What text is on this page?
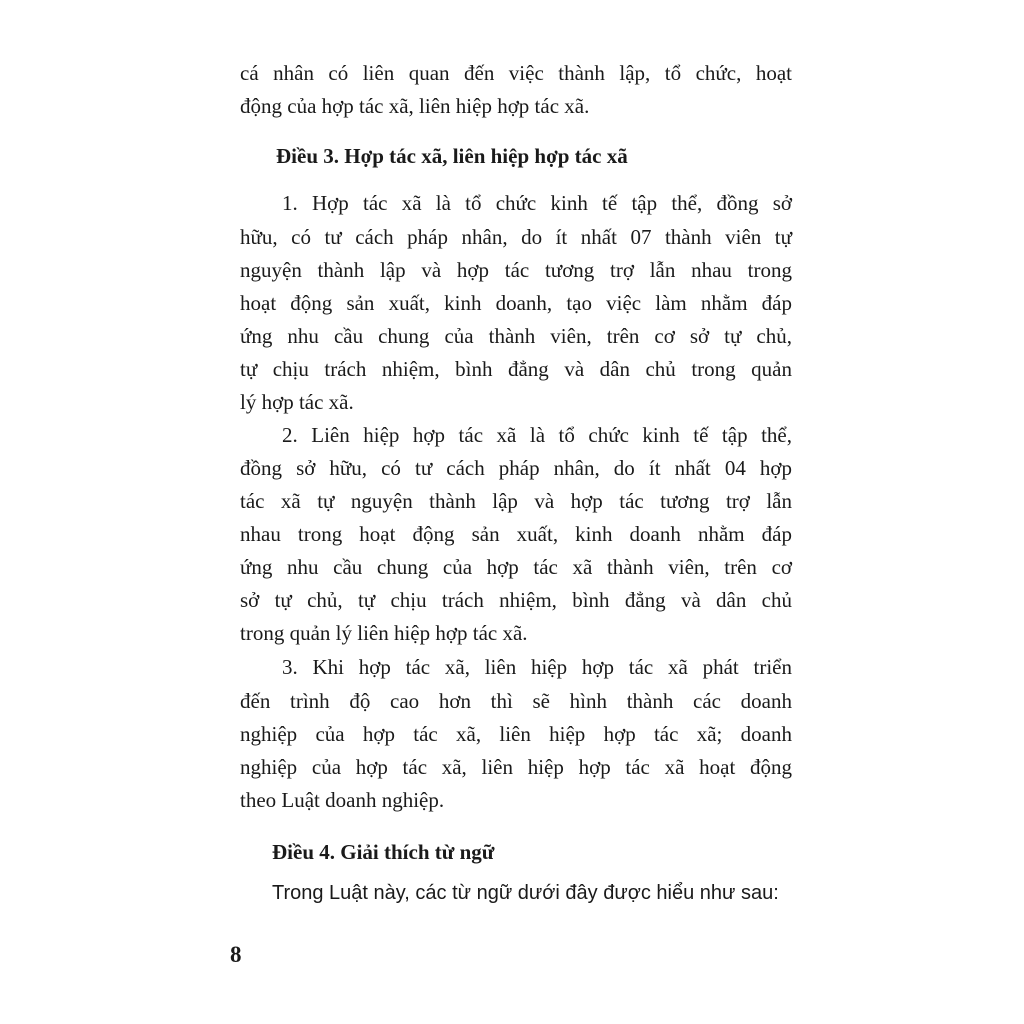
cá nhân có liên quan đến việc thành lập, tổ chức, hoạt
động của hợp tác xã, liên hiệp hợp tác xã.
Điều 3. Hợp tác xã, liên hiệp hợp tác xã
1. Hợp tác xã là tổ chức kinh tế tập thể, đồng sở
hữu, có tư cách pháp nhân, do ít nhất 07 thành viên tự
nguyện thành lập và hợp tác tương trợ lẫn nhau trong
hoạt động sản xuất, kinh doanh, tạo việc làm nhằm đáp
ứng nhu cầu chung của thành viên, trên cơ sở tự chủ,
tự chịu trách nhiệm, bình đẳng và dân chủ trong quản
lý hợp tác xã.
2. Liên hiệp hợp tác xã là tổ chức kinh tế tập thể,
đồng sở hữu, có tư cách pháp nhân, do ít nhất 04 hợp
tác xã tự nguyện thành lập và hợp tác tương trợ lẫn
nhau trong hoạt động sản xuất, kinh doanh nhằm đáp
ứng nhu cầu chung của hợp tác xã thành viên, trên cơ
sở tự chủ, tự chịu trách nhiệm, bình đẳng và dân chủ
trong quản lý liên hiệp hợp tác xã.
3. Khi hợp tác xã, liên hiệp hợp tác xã phát triển
đến trình độ cao hơn thì sẽ hình thành các doanh
nghiệp của hợp tác xã, liên hiệp hợp tác xã; doanh
nghiệp của hợp tác xã, liên hiệp hợp tác xã hoạt động
theo Luật doanh nghiệp.
Điều 4. Giải thích từ ngữ
Trong Luật này, các từ ngữ dưới đây được hiểu như sau:
8
